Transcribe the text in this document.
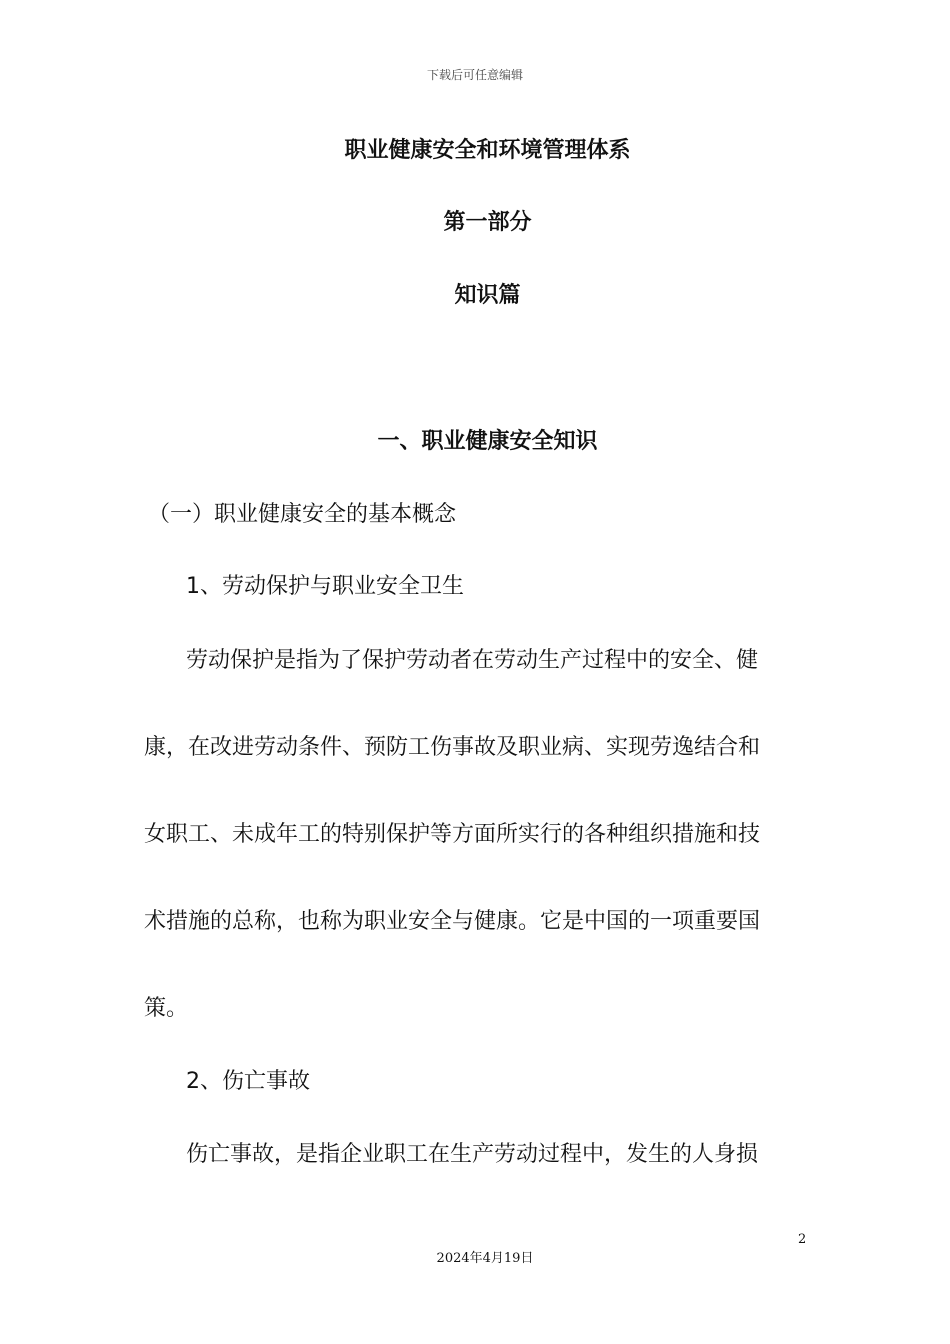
下载后可任意编辑

职业健康安全和环境管理体系
第一部分
知识篇
一、职业健康安全知识

（一）职业健康安全的基本概念

1、劳动保护与职业安全卫生

劳动保护是指为了保护劳动者在劳动生产过程中的安全、健

康，在改进劳动条件、预防工伤事故及职业病、实现劳逸结合和

女职工、未成年工的特别保护等方面所实行的各种组织措施和技

术措施的总称，也称为职业安全与健康。它是中国的一项重要国

策。

2、伤亡事故

伤亡事故，是指企业职工在生产劳动过程中，发生的人身损

2

2024年4月19日
